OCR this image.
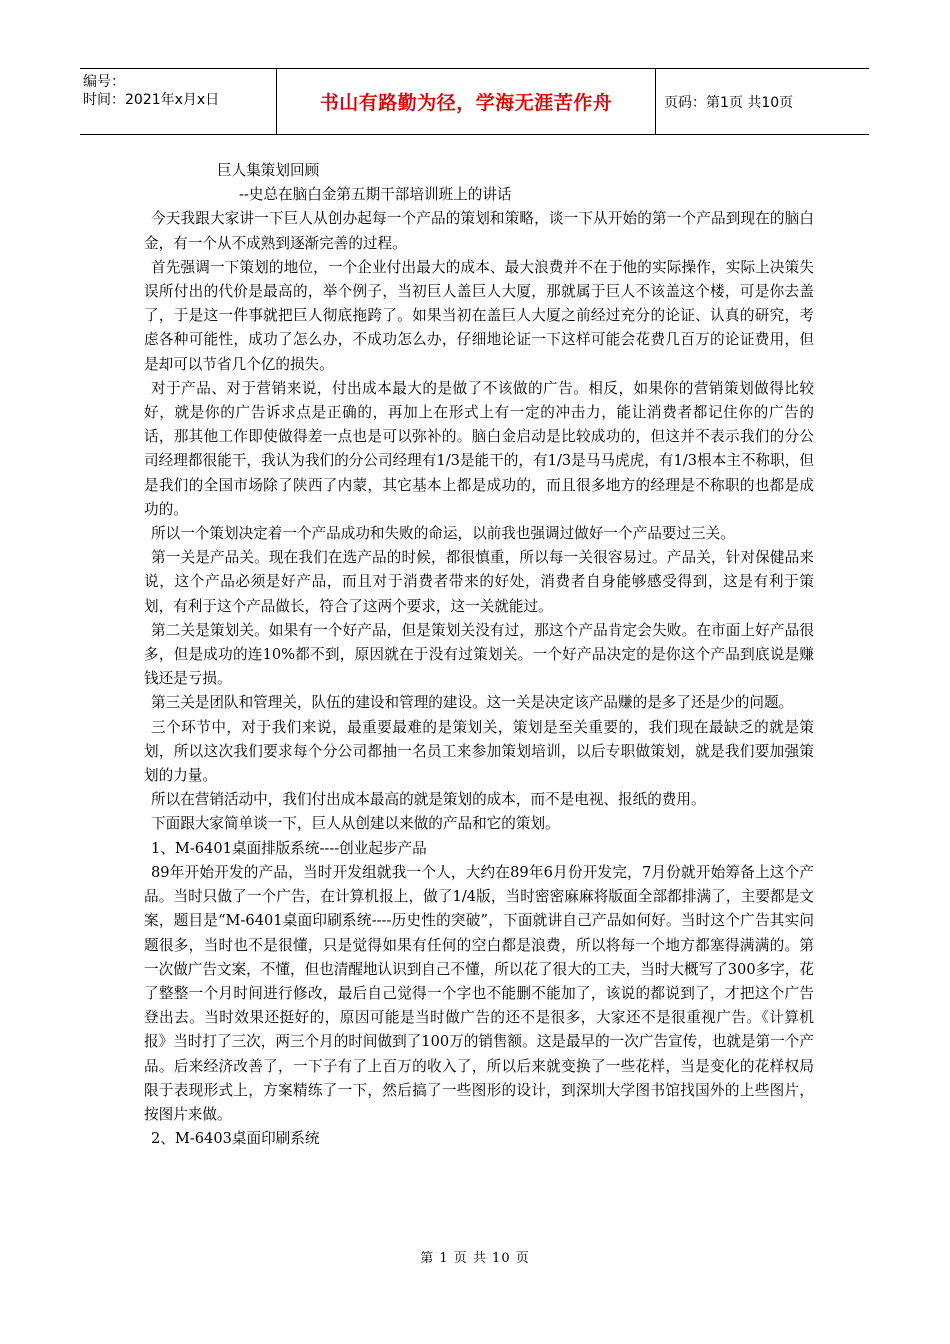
编号：
时间：2021年x月x日	书山有路勤为径，学海无涯苦作舟	页码：第1页 共10页

巨人集策划回顾

--史总在脑白金第五期干部培训班上的讲话

今天我跟大家讲一下巨人从创办起每一个产品的策划和策略，谈一下从开始的第一个产品到现在的脑白金，有一个从不成熟到逐渐完善的过程。

首先强调一下策划的地位，一个企业付出最大的成本、最大浪费并不在于他的实际操作，实际上决策失误所付出的代价是最高的，举个例子，当初巨人盖巨人大厦，那就属于巨人不该盖这个楼，可是你去盖了，于是这一件事就把巨人彻底拖跨了。如果当初在盖巨人大厦之前经过充分的论证、认真的研究，考虑各种可能性，成功了怎么办，不成功怎么办，仔细地论证一下这样可能会花费几百万的论证费用，但是却可以节省几个亿的损失。

对于产品、对于营销来说，付出成本最大的是做了不该做的广告。相反，如果你的营销策划做得比较好，就是你的广告诉求点是正确的，再加上在形式上有一定的冲击力，能让消费者都记住你的广告的话，那其他工作即使做得差一点也是可以弥补的。脑白金启动是比较成功的，但这并不表示我们的分公司经理都很能干，我认为我们的分公司经理有1/3是能干的，有1/3是马马虎虎，有1/3根本主不称职，但是我们的全国市场除了陕西了内蒙，其它基本上都是成功的，而且很多地方的经理是不称职的也都是成功的。

所以一个策划决定着一个产品成功和失败的命运，以前我也强调过做好一个产品要过三关。

第一关是产品关。现在我们在选产品的时候，都很慎重，所以每一关很容易过。产品关，针对保健品来说，这个产品必须是好产品，而且对于消费者带来的好处，消费者自身能够感受得到，这是有利于策划，有利于这个产品做长，符合了这两个要求，这一关就能过。

第二关是策划关。如果有一个好产品，但是策划关没有过，那这个产品肯定会失败。在市面上好产品很多，但是成功的连10%都不到，原因就在于没有过策划关。一个好产品决定的是你这个产品到底说是赚钱还是亏损。

第三关是团队和管理关，队伍的建设和管理的建设。这一关是决定该产品赚的是多了还是少的问题。

三个环节中，对于我们来说，最重要最难的是策划关，策划是至关重要的，我们现在最缺乏的就是策划，所以这次我们要求每个分公司都抽一名员工来参加策划培训，以后专职做策划，就是我们要加强策划的力量。

所以在营销活动中，我们付出成本最高的就是策划的成本，而不是电视、报纸的费用。

下面跟大家简单谈一下，巨人从创建以来做的产品和它的策划。

1、M-6401桌面排版系统----创业起步产品

89年开始开发的产品，当时开发组就我一个人，大约在89年6月份开发完，7月份就开始筹备上这个产品。当时只做了一个广告，在计算机报上，做了1/4版，当时密密麻麻将版面全部都排满了，主要都是文案，题目是“M-6401桌面印刷系统----历史性的突破”，下面就讲自己产品如何好。当时这个广告其实问题很多，当时也不是很懂，只是觉得如果有任何的空白都是浪费，所以将每一个地方都塞得满满的。第一次做广告文案，不懂，但也清醒地认识到自己不懂，所以花了很大的工夫，当时大概写了300多字，花了整整一个月时间进行修改，最后自己觉得一个字也不能删不能加了，该说的都说到了，才把这个广告登出去。当时效果还挺好的，原因可能是当时做广告的还不是很多，大家还不是很重视广告。《计算机报》当时打了三次，两三个月的时间做到了100万的销售额。这是最早的一次广告宣传，也就是第一个产品。后来经济改善了，一下子有了上百万的收入了，所以后来就变换了一些花样，当是变化的花样权局限于表现形式上，方案精练了一下，然后搞了一些图形的设计，到深圳大学图书馆找国外的上些图片，按图片来做。

2、M-6403桌面印刷系统

第 1 页 共 10 页
